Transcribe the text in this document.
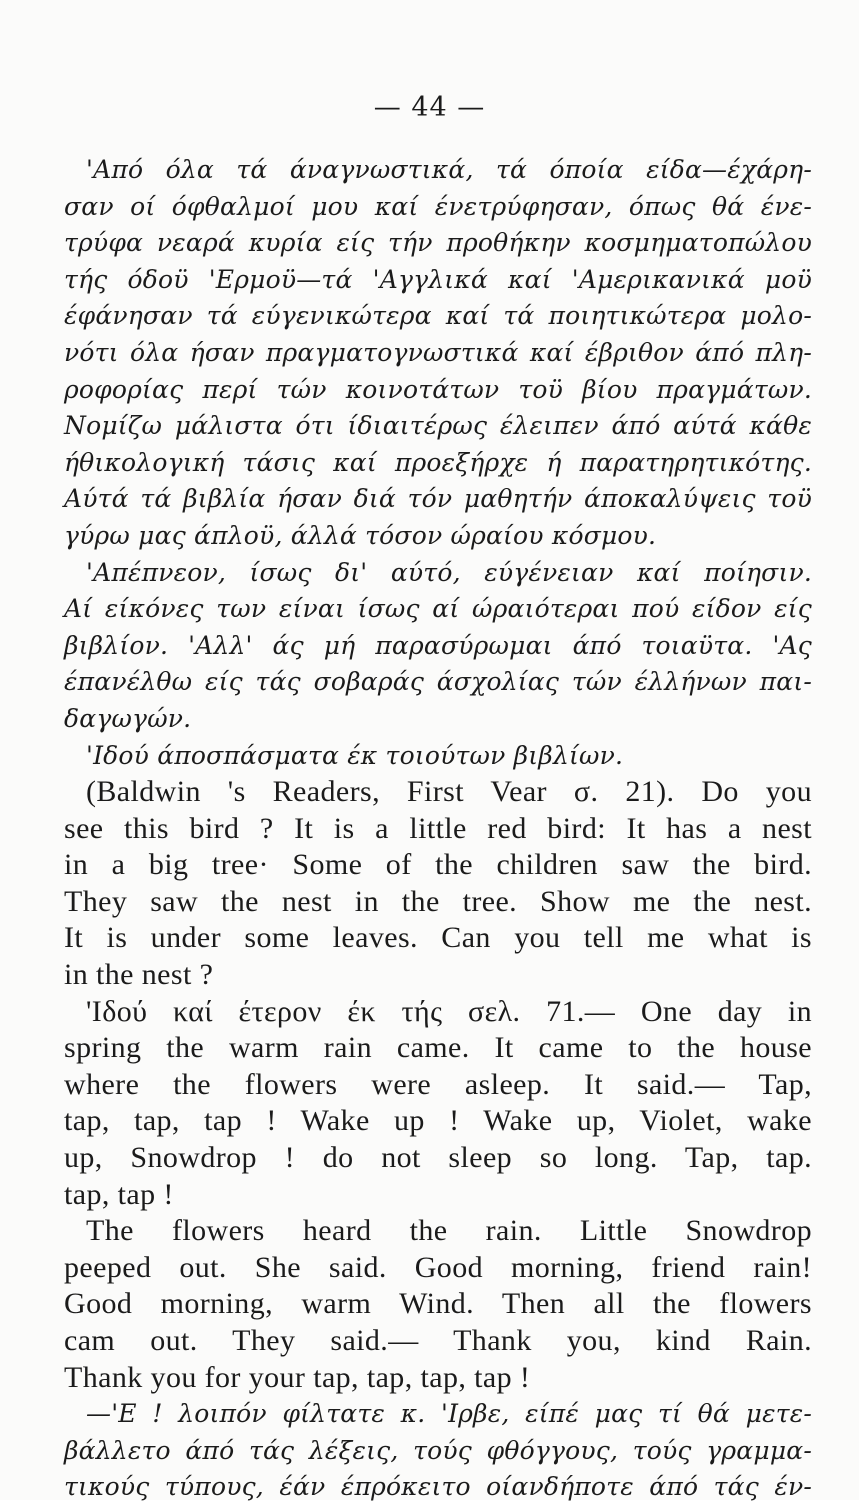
— 44 —
'Από όλα τά άναγνωστικά, τά όποία είδα—έχάρη-
σαν οί όφθαλμοί μου καί ένετρύφησαν, όπως θά ένε-
τρύφα νεαρά κυρία είς τήν προθήκην κοσμηματοπώλου
τής όδοϋ 'Ερμοϋ—τά 'Αγγλικά καί 'Αμερικανικά μοϋ
έφάνησαν τά εύγενικώτερα καί τά ποιητικώτερα μολο-
νότι όλα ήσαν πραγματογνωστικά καί έβριθον άπό πλη-
ροφορίας περί τών κοινοτάτων τοϋ βίου πραγμάτων.
Νομίζω μάλιστα ότι ίδιαιτέρως έλειπεν άπό αύτά κάθε
ήθικολογική τάσις καί προεξήρχε ή παρατηρητικότης.
Αύτά τά βιβλία ήσαν διά τόν μαθητήν άποκαλύψεις τοϋ
γύρω μας άπλοϋ, άλλά τόσον ώραίου κόσμου.
'Απέπνεον, ίσως δι' αύτό, εύγένειαν καί ποίησιν.
Αί είκόνες των είναι ίσως αί ώραιότεραι πού είδον είς
βιβλίον. 'Αλλ' άς μή παρασύρωμαι άπό τοιαϋτα. 'Ας
έπανέλθω είς τάς σοβαράς άσχολίας τών έλλήνων παι-
δαγωγών.
'Ιδού άποσπάσματα έκ τοιούτων βιβλίων.
(Baldwin 's Readers, First Vear σ. 21). Do you
see this bird ? It is a little red bird: It has a nest
in a big tree· Some of the children saw the bird.
They saw the nest in the tree. Show me the nest.
It is under some leaves. Can you tell me what is
in the nest ?
'Ιδού καί έτερον έκ τής σελ. 71.— One day in
spring the warm rain came. It came to the house
where the flowers were asleep. It said.— Tap,
tap, tap, tap ! Wake up ! Wake up, Violet, wake
up, Snowdrop ! do not sleep so long. Tap, tap.
tap, tap !
The flowers heard the rain. Little Snowdrop
peeped out. She said. Good morning, friend rain!
Good morning, warm Wind. Then all the flowers
cam out. They said.— Thank you, kind Rain.
Thank you for your tap, tap, tap, tap !
—'Ε ! λοιπόν φίλτατε κ. 'Ιρβε, είπέ μας τί θά μετε-
βάλλετο άπό τάς λέξεις, τούς φθόγγους, τούς γραμμα-
τικούς τύπους, έάν έπρόκειτο οίανδήποτε άπό τάς έν-
